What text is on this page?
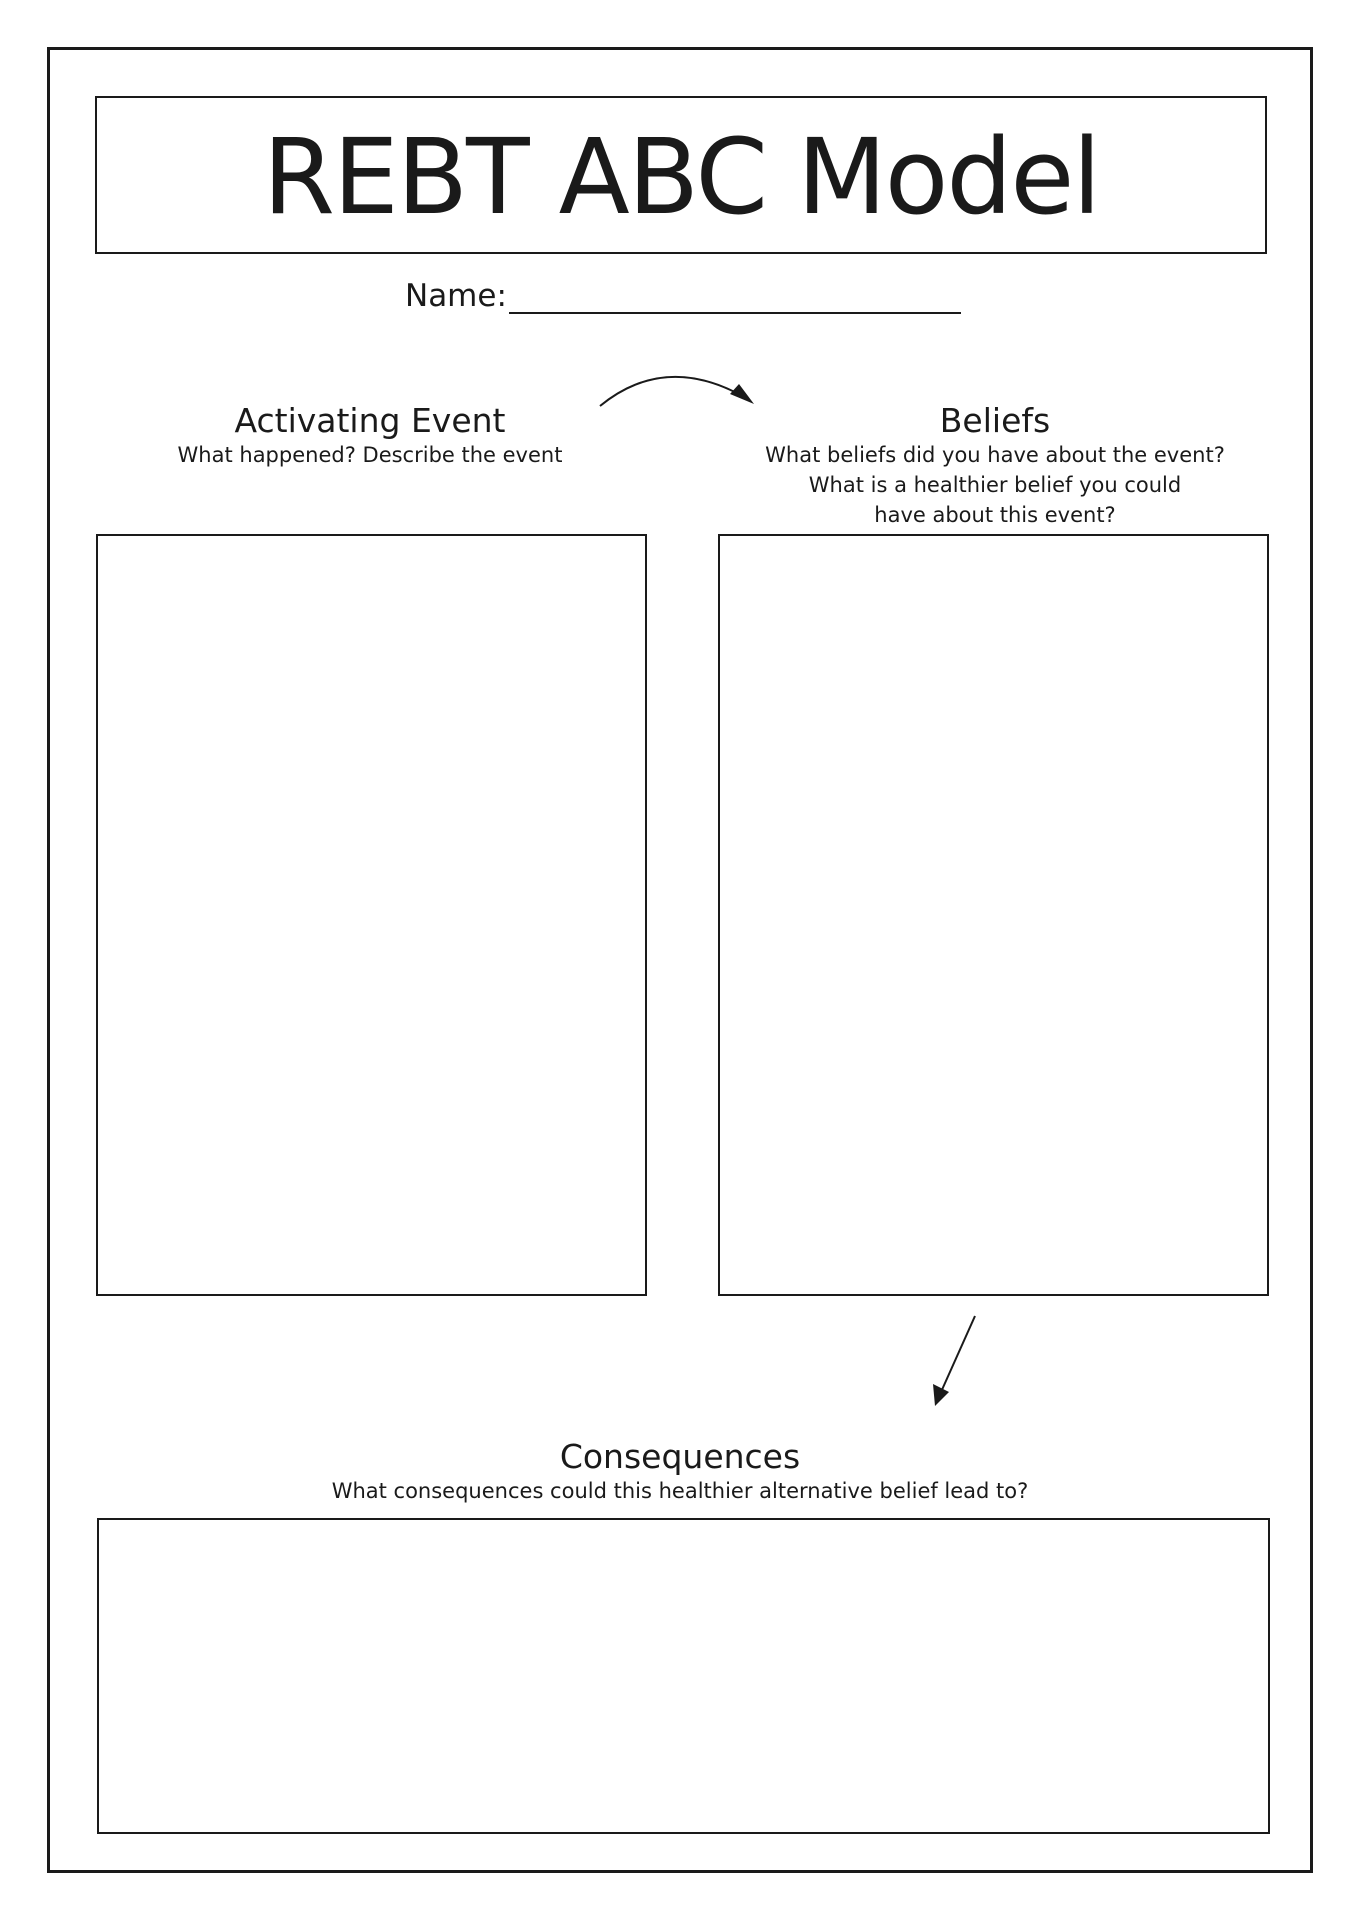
REBT ABC Model
Name:
Activating Event
What happened? Describe the event
Beliefs
What beliefs did you have about the event?
What is a healthier belief you could
have about this event?
Consequences
What consequences could this healthier alternative belief lead to?
